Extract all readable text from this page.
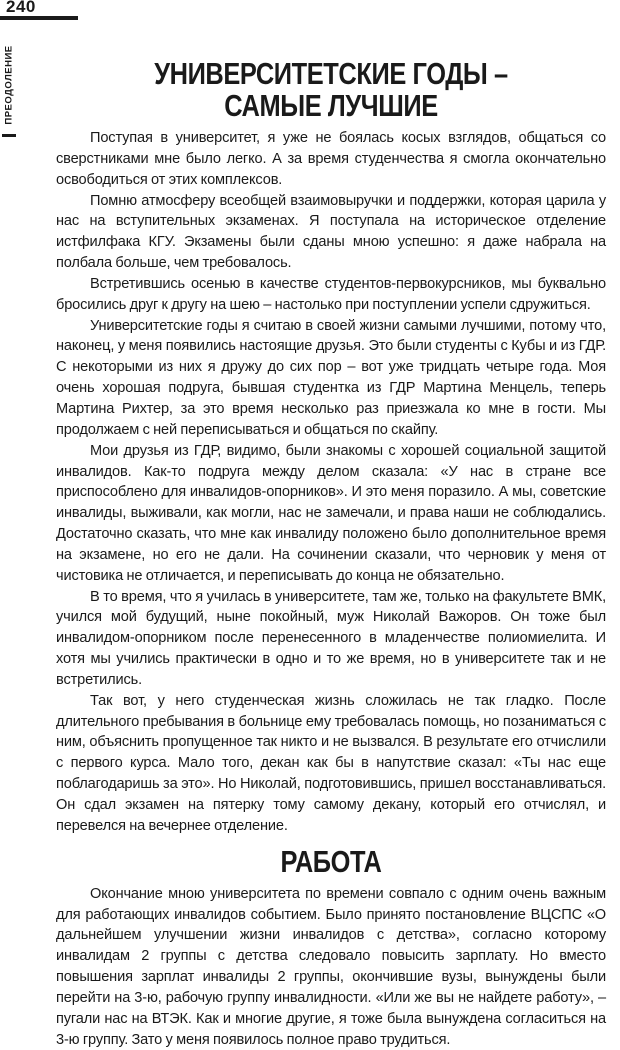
240
ПРЕОДОЛЕНИЕ	УНИВЕРСИТЕТСКИЕ ГОДЫ –
САМЫЕ ЛУЧШИЕ

Поступая в университет, я уже не боялась косых взглядов, общаться со сверстниками мне было легко. А за время студенчества я смогла окончательно освободиться от этих комплексов.

Помню атмосферу всеобщей взаимовыручки и поддержки, которая царила у нас на вступительных экзаменах. Я поступала на историческое отделение истфилфака КГУ. Экзамены были сданы мною успешно: я даже набрала на полбала больше, чем требовалось.

Встретившись осенью в качестве студентов-первокурсников, мы буквально бросились друг к другу на шею – настолько при поступлении успели сдружиться.

Университетские годы я считаю в своей жизни самыми лучшими, потому что, наконец, у меня появились настоящие друзья. Это были студенты с Кубы и из ГДР. С некоторыми из них я дружу до сих пор – вот уже тридцать четыре года. Моя очень хорошая подруга, бывшая студентка из ГДР Мартина Менцель, теперь Мартина Рихтер, за это время несколько раз приезжала ко мне в гости. Мы продолжаем с ней переписываться и общаться по скайпу.

Мои друзья из ГДР, видимо, были знакомы с хорошей социальной защитой инвалидов. Как-то подруга между делом сказала: «У нас в стране все приспособлено для инвалидов-опорников». И это меня поразило. А мы, советские инвалиды, выживали, как могли, нас не замечали, и права наши не соблюдались. Достаточно сказать, что мне как инвалиду положено было дополнительное время на экзамене, но его не дали. На сочинении сказали, что черновик у меня от чистовика не отличается, и переписывать до конца не обязательно.

В то время, что я училась в университете, там же, только на факультете ВМК, учился мой будущий, ныне покойный, муж Николай Важоров. Он тоже был инвалидом-опорником после перенесенного в младенчестве полиомиелита. И хотя мы учились практически в одно и то же время, но в университете так и не встретились.

Так вот, у него студенческая жизнь сложилась не так гладко. После длительного пребывания в больнице ему требовалась помощь, но позаниматься с ним, объяснить пропущенное так никто и не вызвался. В результате его отчислили с первого курса. Мало того, декан как бы в напутствие сказал: «Ты нас еще поблагодаришь за это». Но Николай, подготовившись, пришел восстанавливаться. Он сдал экзамен на пятерку тому самому декану, который его отчислял, и перевелся на вечернее отделение.

РАБОТА

Окончание мною университета по времени совпало с одним очень важным для работающих инвалидов событием. Было принято постановление ВЦСПС «О дальнейшем улучшении жизни инвалидов с детства», согласно которому инвалидам 2 группы с детства следовало повысить зарплату. Но вместо повышения зарплат инвалиды 2 группы, окончившие вузы, вынуждены были перейти на 3-ю, рабочую группу инвалидности. «Или же вы не найдете работу», – пугали нас на ВТЭК. Как и многие другие, я тоже была вынуждена согласиться на 3-ю группу. Зато у меня появилось полное право трудиться.
